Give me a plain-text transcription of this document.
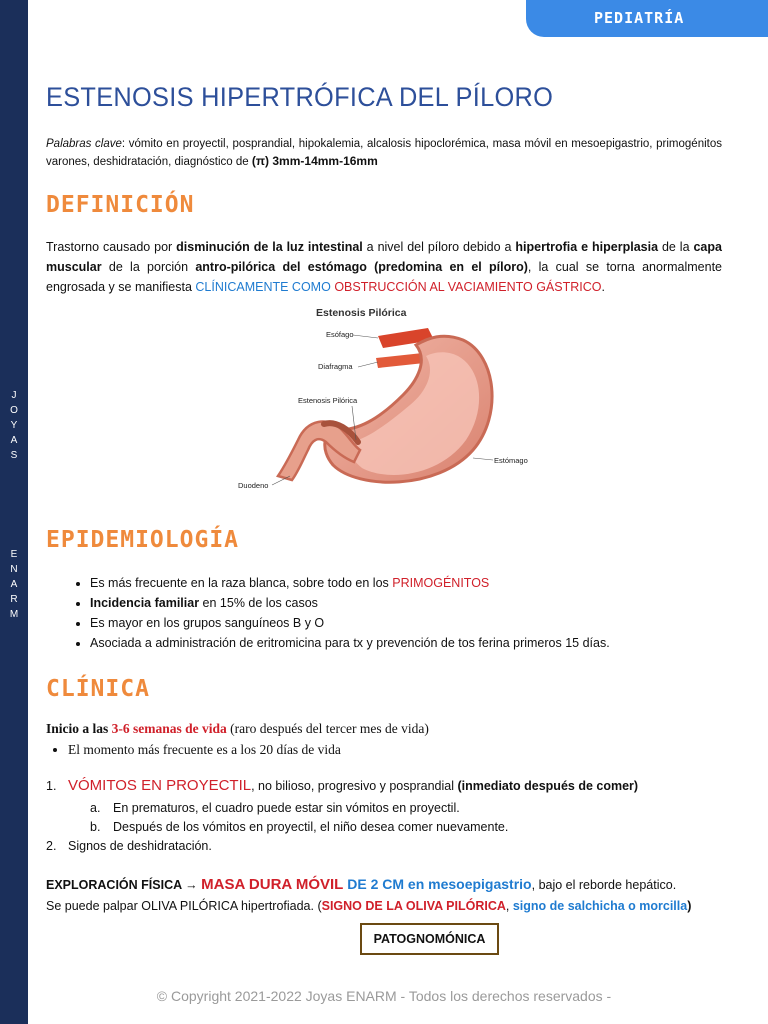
J
O
Y
A
S
E
N
A
R
M
PEDIATRÍA
ESTENOSIS HIPERTRÓFICA DEL PÍLORO
Palabras clave: vómito en proyectil, posprandial, hipokalemia, alcalosis hipoclorémica, masa móvil en mesoepigastrio, primogénitos varones, deshidratación, diagnóstico de (π) 3mm-14mm-16mm
DEFINICIÓN
Trastorno causado por disminución de la luz intestinal a nivel del píloro debido a hipertrofia e hiperplasia de la capa muscular de la porción antro-pilórica del estómago (predomina en el píloro), la cual se torna anormalmente engrosada y se manifiesta CLÍNICAMENTE COMO OBSTRUCCIÓN AL VACIAMIENTO GÁSTRICO.
Estenosis Pilórica
Esófago
Diafragma
Estenosis Pilórica
Estómago
Duodeno
EPIDEMIOLOGÍA
• Es más frecuente en la raza blanca, sobre todo en los PRIMOGÉNITOS
• Incidencia familiar en 15% de los casos
• Es mayor en los grupos sanguíneos B y O
• Asociada a administración de eritromicina para tx y prevención de tos ferina primeros 15 días.
CLÍNICA
Inicio a las 3-6 semanas de vida (raro después del tercer mes de vida)
• El momento más frecuente es a los 20 días de vida
1. VÓMITOS EN PROYECTIL, no bilioso, progresivo y posprandial (inmediato después de comer)
a. En prematuros, el cuadro puede estar sin vómitos en proyectil.
b. Después de los vómitos en proyectil, el niño desea comer nuevamente.
2. Signos de deshidratación.
EXPLORACIÓN FÍSICA → MASA DURA MÓVIL DE 2 CM en mesoepigastrio, bajo el reborde hepático.
Se puede palpar OLIVA PILÓRICA hipertrofiada. (SIGNO DE LA OLIVA PILÓRICA, signo de salchicha o morcilla)
PATOGNOMÓNICA
© Copyright 2021-2022 Joyas ENARM - Todos los derechos reservados -
